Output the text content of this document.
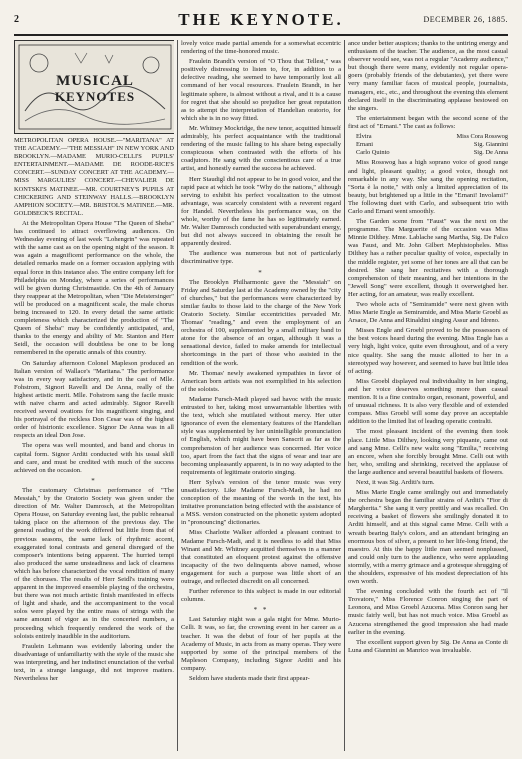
2	THE KEYNOTE.	DECEMBER 26, 1885.
MUSICAL
KEYNOTES

METROPOLITAN OPERA HOUSE.—"MARITANA" AT THE ACADEMY.—"THE MESSIAH" IN NEW YORK AND BROOKLYN.—MADAME MURIO-CELLI'S PUPILS' ENTERTAINMENT.—MADAME DE ROODE-RICE'S CONCERT.—SUNDAY CONCERT AT THE ACADEMY.—MISS MARGULIES' CONCERT.—CHEVALIER DE KONTSKI'S MATINEE.—MR. COURTNEY'S PUPILS AT CHICKERING AND STEINWAY HALLS.—BROOKLYN AMPHION SOCIETY.—MR. BRISTOL'S MATINEE.—MR. GOLDBECK'S RECITAL.

At the Metropolitan Opera House "The Queen of Sheba" has continued to attract overflowing audiences. On Wednesday evening of last week "Lohengrin" was repeated with the same cast as on the opening night of the season. It was again a magnificent performance on the whole, the detailed remarks made on a former occasion applying with equal force in this instance also. The entire company left for Philadelphia on Monday, where a series of performances will be given during Christmastide. On the 4th of January they reappear at the Metropolitan, when "Die Meistersinger" will be produced on a magnificent scale, the male chorus being increased to 120. In every detail the same artistic completeness which characterized the production of "The Queen of Sheba" may be confidently anticipated, and, thanks to the energy and ability of Mr. Stanton and Herr Seidl, the occasion will doubtless be one to be long remembered in the operatic annals of this country.

On Saturday afternoon Colonel Mapleson produced an Italian version of Wallace's "Maritana." The performance was in every way satisfactory, and in the cast of Mlle. Fohstrom, Signori Ravelli and De Anna, really of the highest artistic merit. Mlle. Fohstrom sang the facile music with naive charm and acted admirably. Signor Ravelli received several ovations for his magnificent singing, and his portrayal of the reckless Don Cesar was of the highest order of histrionic excellence. Signor De Anna was in all respects an ideal Don Jose.

The opera was well mounted, and band and chorus in capital form. Signor Arditi conducted with his usual skill and care, and must be credited with much of the success achieved on the occasion.

*

The customary Christmas performance of "The Messiah," by the Oratorio Society was given under the direction of Mr. Walter Damrosch, at the Metropolitan Opera House, on Saturday evening last, the public rehearsal taking place on the afternoon of the previous day. The general reading of the work differed but little from that of previous seasons, the same lack of rhythmic accent, exaggerated tonal contrasts and general disregard of the composer's intentions being apparent. The hurried tempi also produced the same unsteadiness and lack of clearness which has before characterized the vocal rendition of many of the choruses. The results of Herr Seidl's training were apparent in the improved ensemble playing of the orchestra, but there was not much artistic finish manifested in effects of light and shade, and the accompaniment to the vocal solos were played by the entire mass of strings with the same amount of vigor as in the concerted numbers, a proceeding which frequently rendered the work of the soloists entirely inaudible in the auditorium.

Fraulein Lehmann was evidently laboring under the disadvantage of unfamiliarity with the style of the music she was interpreting, and her indistinct enunciation of the verbal text, in a strange language, did not improve matters. Nevertheless her

lovely voice made partial amends for a somewhat eccentric rendering of the time-honored music.

Fraulein Brandt's version of "O Thou that Tellest," was positively distressing to listen to, for, in addition to a defective reading, she seemed to have temporarily lost all command of her vocal resources. Fraulein Brandt, in her legitimate sphere, is almost without a rival, and it is a cause for regret that she should so prejudice her great reputation as to attempt the interpretation of Handelian oratorio, for which she is in no way fitted.

Mr. Whitney Mockridge, the new tenor, acquitted himself admirably, his perfect acquaintance with the traditional rendering of the music falling to his share being especially conspicuous when contrasted with the efforts of his coadjutors. He sang with the conscientious care of a true artist, and honestly earned the success he achieved.

Herr Staudigl did not appear to be in good voice, and the rapid pace at which he took "Why do the nations," although serving to exhibit his perfect vocalization to the utmost advantage, was scarcely consistent with a reverent regard for Handel. Nevertheless his performance was, on the whole, worthy of the fame he has so legitimately earned. Mr. Walter Damrosch conducted with superabundant energy, but did not always succeed in obtaining the result he apparently desired.

The audience was numerous but not of particularly discriminative type.

*

The Brooklyn Philharmonic gave the "Messiah" on Friday and Saturday last at the Academy owned by the "city of churches," but the performances were characterized by similar faults to those laid to the charge of the New York Oratorio Society. Similar eccentricities pervaded Mr. Thomas' "reading," and even the employment of an orchestra of 100, supplemented by a small military band to atone for the absence of an organ, although it was a sensational device, failed to make amends for intellectual shortcomings in the part of those who assisted in the rendition of the work.

Mr. Thomas' newly awakened sympathies in favor of American born artists was not exemplified in his selection of the soloists.

Madame Fursch-Madi played sad havoc with the music entrusted to her, taking most unwarrantable liberties with the text, which she mutilated without mercy. Her utter ignorance of even the elementary features of the Handelian style was supplemented by her unintelligible pronunciation of English, which might have been Sanscrit as far as the comprehension of her audience was concerned. Her voice too, apart from the fact that the signs of wear and tear are becoming unpleasantly apparent, is in no way adapted to the requirements of legitimate oratorio singing.

Herr Sylva's version of the tenor music was very unsatisfactory. Like Madame Fursch-Madi, he had no conception of the meaning of the words in the text, his imitative pronunciation being effected with the assistance of a MSS. version constructed on the phonetic system adopted in "pronouncing" dictionaries.

Miss Charlotte Walker afforded a pleasant contrast to Madame Fursch-Madi, and it is needless to add that Miss Winant and Mr. Whitney acquitted themselves in a manner that constituted an eloquent protest against the offensive incapacity of the two delinquents above named, whose engagement for such a purpose was little short of an outrage, and reflected discredit on all concerned.

Further reference to this subject is made in our editorial columns.

* *

Last Saturday night was a gala night for Mme. Murio-Celli. It was, so far, the crowning event in her career as a teacher. It was the debut of four of her pupils at the Academy of Music, in acts from as many operas. They were supported by some of the principal members of the Mapleson Company, including Signor Arditi and his company.

Seldom have students made their first appear-

ance under better auspices; thanks to the untiring energy and enthusiasm of the teacher. The audience, as the most casual observer would see, was not a regular "Academy audience," but though there were many, evidently not regular opera-goers (probably friends of the debutantes), yet there were very many familiar faces of musical people, journalists, managers, etc., etc., and throughout the evening this element declared itself in the discriminating applause bestowed on the singers.

The entertainment began with the second scene of the first act of "Ernani." The cast as follows:

Elvira	Miss Cora Rosswog
Ernani	Sig. Giannini
Carlo Quinto	Sig. De Anna

Miss Rosswog has a high soprano voice of good range and light, pleasant quality; a good voice, though not remarkable in any way. She sang the opening recitation, "Sorta è la notte," with only a limited appreciation of its beauty, but brightened up a little in the "Ernani! Involami!" The following duet with Carlo, and subsequent trio with Carlo and Ernani went smoothly.

The Garden scene from "Faust" was the next on the programme. The Marguerite of the occasion was Miss Minnie Dilthey. Mme. Lablache sang Martha, Sig. De Falco was Faust, and Mr. John Gilbert Mephistopheles. Miss Dilthey has a rather peculiar quality of voice, especially in the middle register, yet some of her tones are all that can be desired. She sang her recitatives with a thorough comprehension of their meaning, and her intentions in the "Jewell Song" were excellent, though it overweighed her. Her acting, for an amateur, was really excellent.

Two whole acts of "Semiramide" were next given with Miss Marie Engle as Semiramide, and Miss Marie Groebl as Arsace, De Anna and Rinaldini singing Assur and Idreno.

Misses Engle and Groebl proved to be the possessors of the best voices heard during the evening. Miss Engle has a very high, light voice, quite even throughout, and of a very nice quality. She sang the music allotted to her in a stereotyped way however, and seemed to have but little idea of acting.

Miss Groebl displayed real individuality in her singing, and her voice deserves something more than casual mention. It is a fine contralto organ, resonant, powerful, and of unusual richness. It is also very flexible and of extended compass. Miss Groebl will some day prove an acceptable addition to the limited list of leading operatic contralti.

The most pleasant incident of the evening then took place. Little Miss Dilthey, looking very piquante, came out and sang Mme. Celli's new waltz song "Emilia," receiving an encore, when she forcibly brought Mme. Celli out with her, who, smiling and shrinking, received the applause of the large audience and several beautiful baskets of flowers.

Next, it was Sig. Arditi's turn.

Miss Marie Engle came smilingly out and immediately the orchestra began the familiar strains of Arditi's "Fior di Margherita." She sang it very prettily and was recalled. On receiving a basket of flowers she smilingly donated it to Arditi himself, and at this signal came Mme. Celli with a wreath bearing Italy's colors, and an attendant bringing an enormous box of silver, a present to her life-long friend, the maestro. At this the happy little man seemed nonplussed, and could only turn to the audience, who were applauding stormily, with a merry grimace and a grotesque shrugging of the shoulders, expressive of his modest depreciation of his own worth.

The evening concluded with the fourth act of "Il Trovatore," Miss Florence Conron singing the part of Leonora, and Miss Groebl Azucena. Miss Conron sang her music fairly well, but has not much voice. Miss Groebl as Azucena strengthened the good impression she had made earlier in the evening.

The excellent support given by Sig. De Anna as Conte di Luna and Giannini as Manrico was invaluable.
